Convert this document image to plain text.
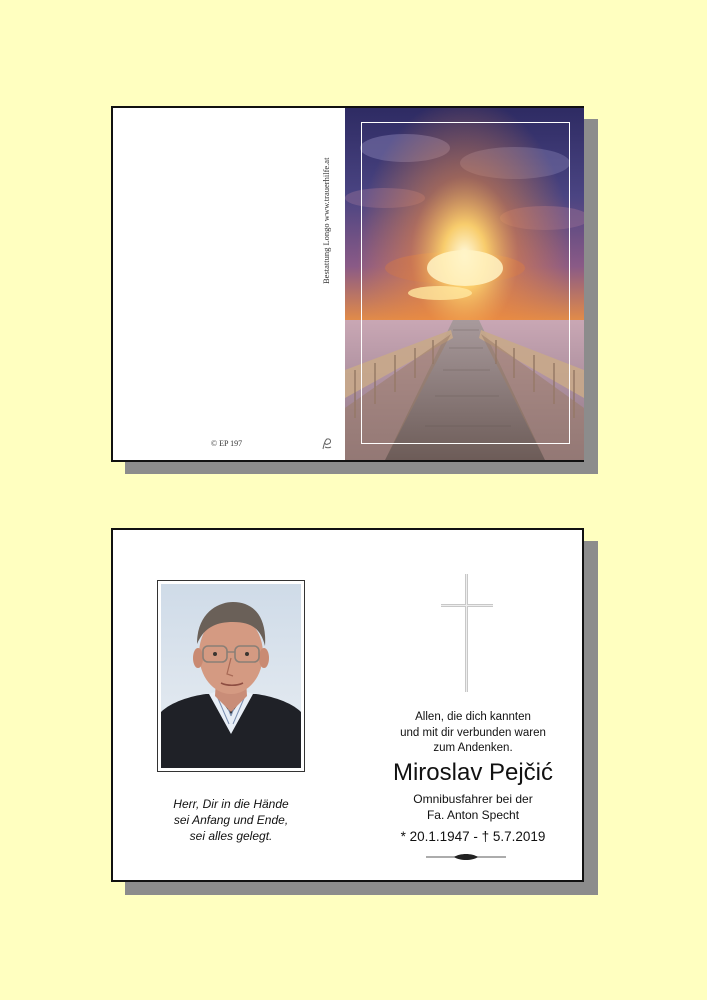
Bestattung Longo www.trauerhilfe.at
© EP 197
Herr, Dir in die Hände
sei Anfang und Ende,
sei alles gelegt.
Allen, die dich kannten
und mit dir verbunden waren
zum Andenken.
Miroslav Pejčić
Omnibusfahrer bei der
Fa. Anton Specht
* 20.1.1947 - † 5.7.2019
